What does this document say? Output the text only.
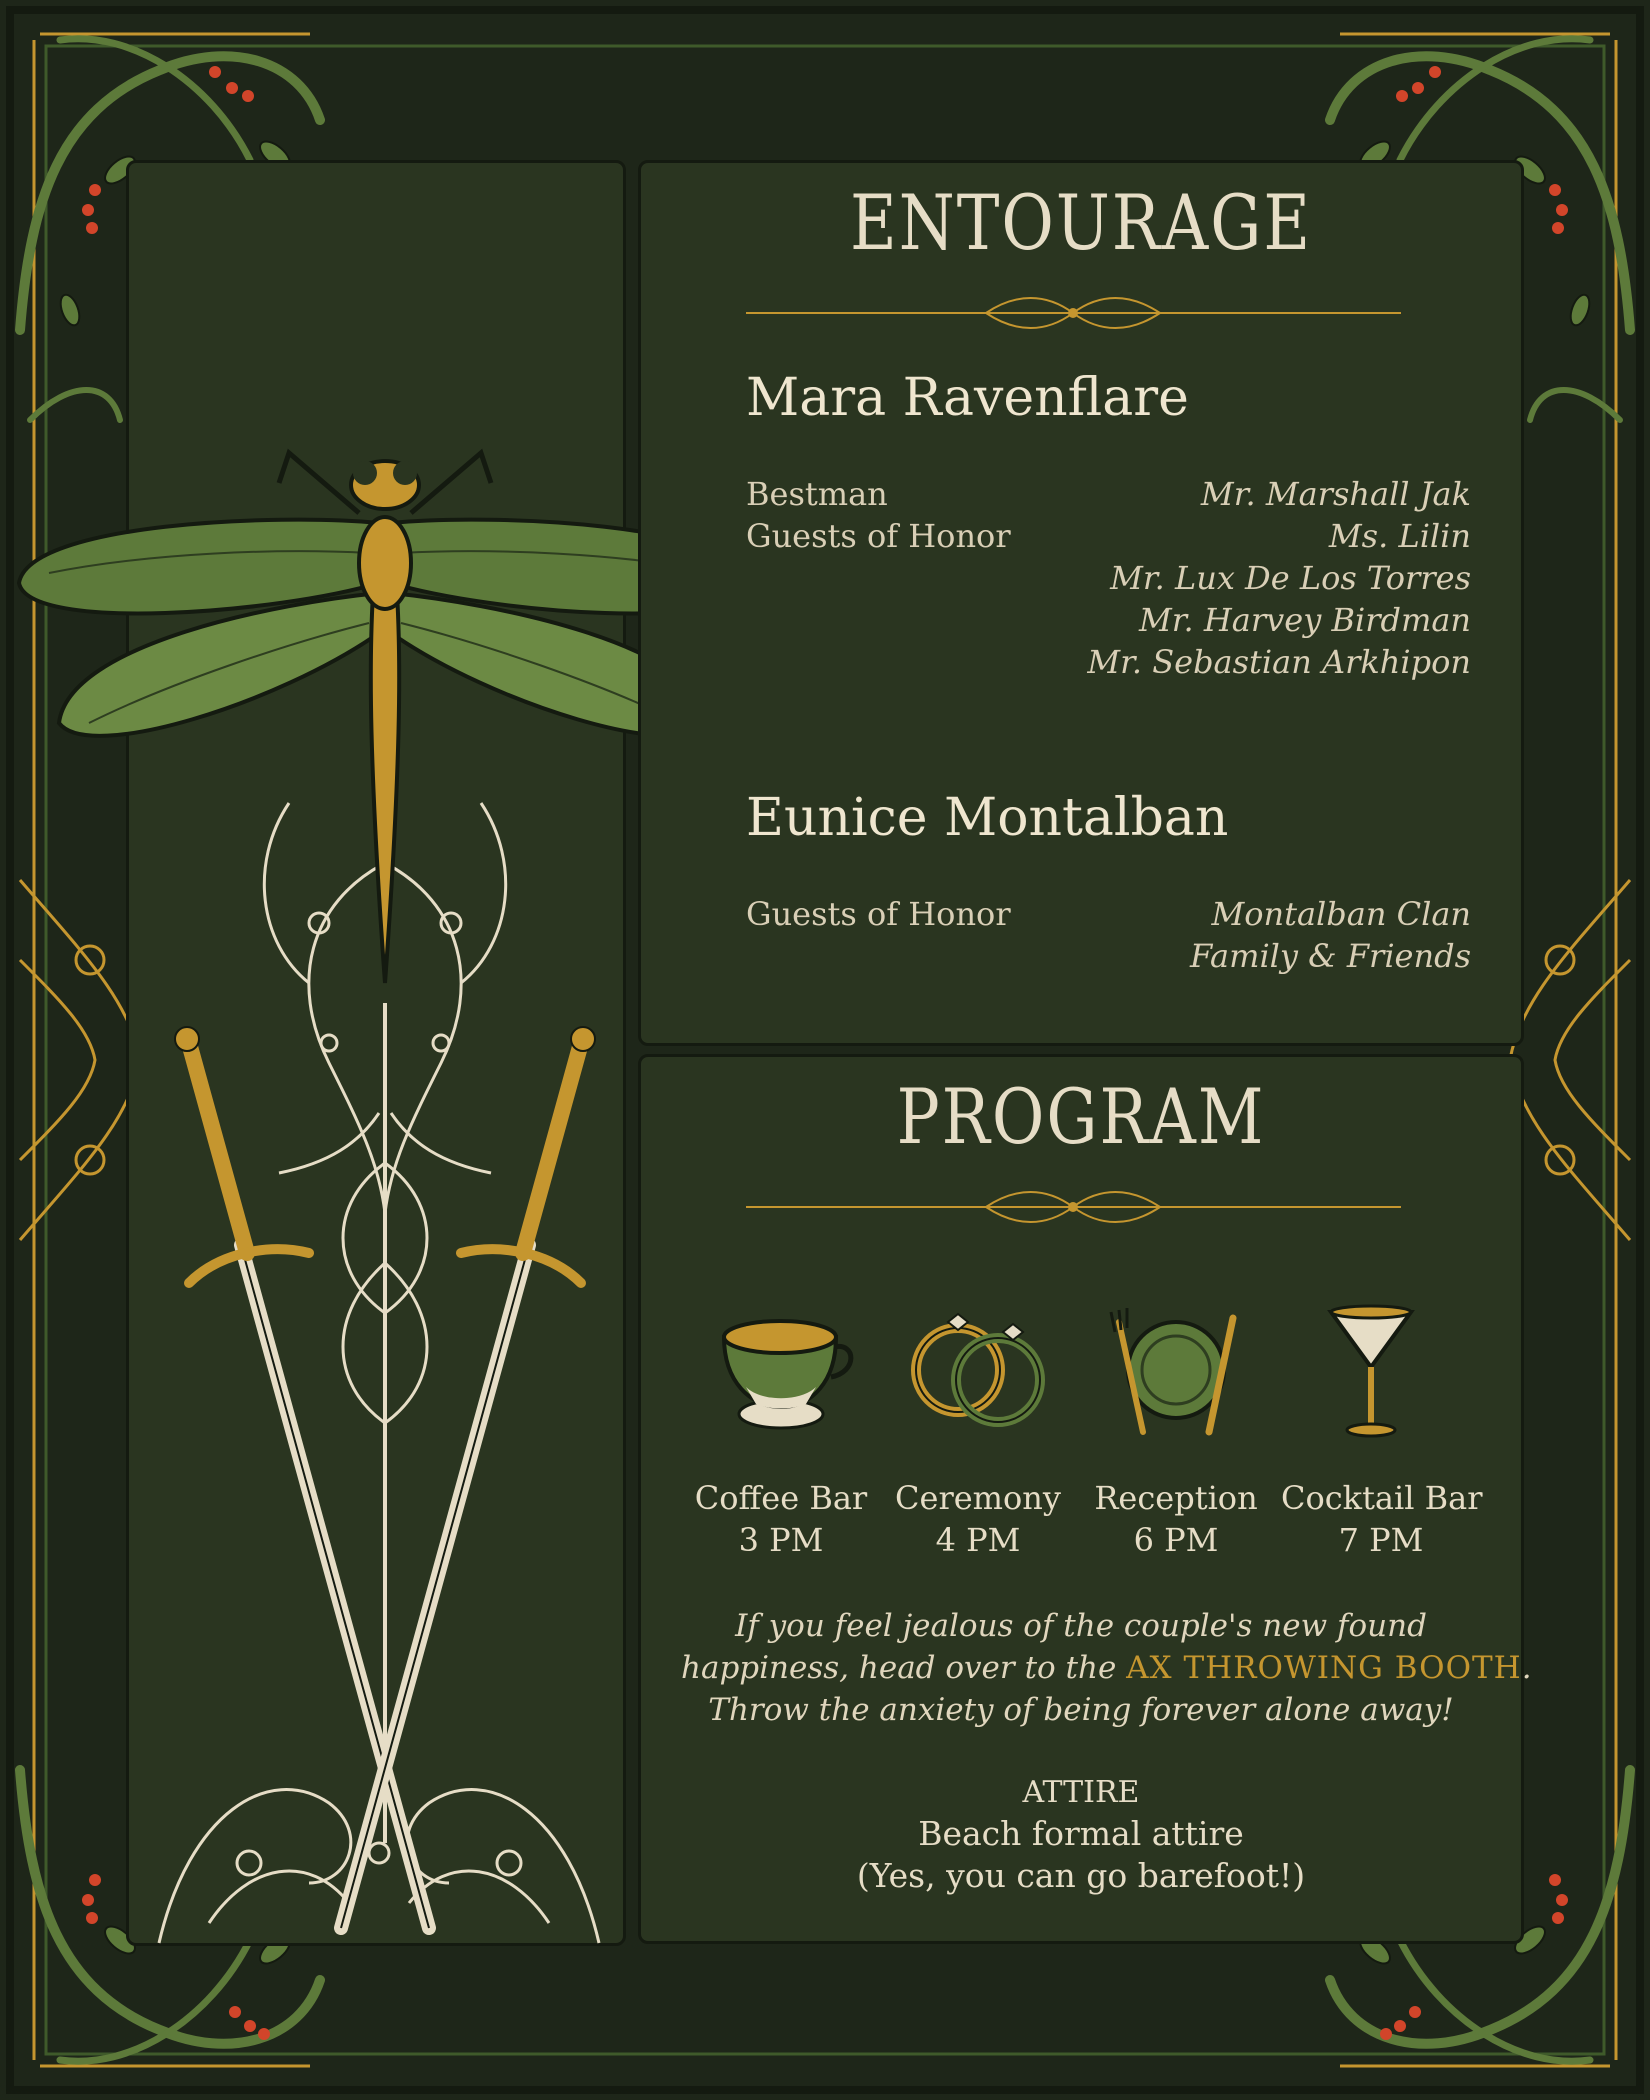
ENTOURAGE
Mara Ravenflare
Bestman
Guests of Honor
Mr. Marshall Jak
Ms. Lilin
Mr. Lux De Los Torres
Mr. Harvey Birdman
Mr. Sebastian Arkhipon
Eunice Montalban
Guests of Honor	Montalban Clan
Family & Friends
PROGRAM
Coffee Bar
3 PM
Ceremony
4 PM
Reception
6 PM
Cocktail Bar
7 PM
If you feel jealous of the couple's new found
happiness, head over to the AX THROWING BOOTH.
Throw the anxiety of being forever alone away!
ATTIRE
Beach formal attire
(Yes, you can go barefoot!)
